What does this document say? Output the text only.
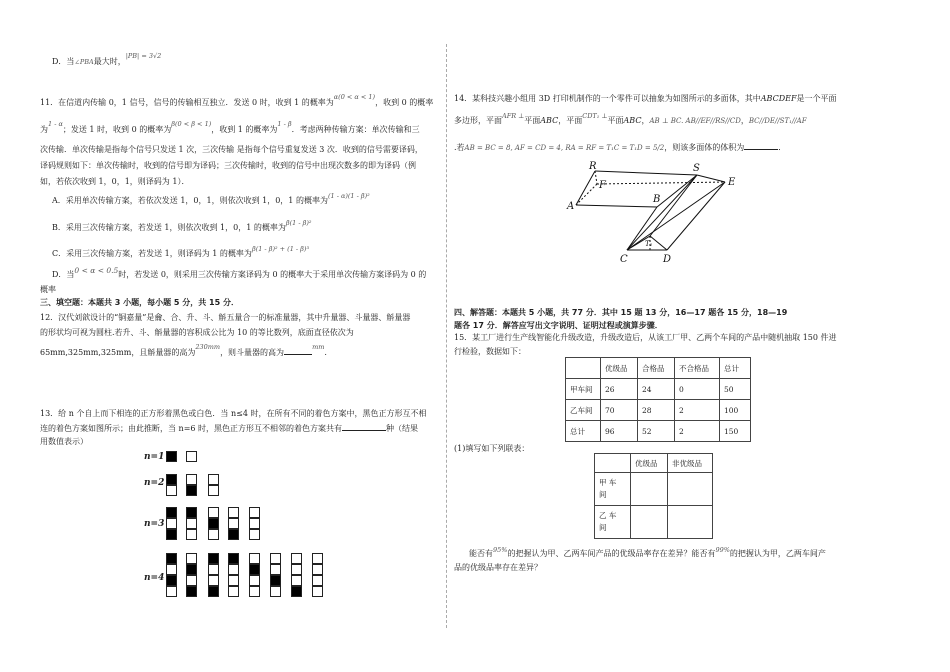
D．当∠PBA最大时，$^{|PB| = 3√2}$
11．在信道内传输 0，1 信号，信号的传输相互独立．发送 0 时，收到 1 的概率为$^{\alpha(0 < \alpha < 1)}$，收到 0 的概率
为$^{1 - \alpha}$；发送 1 时，收到 0 的概率为$^{\beta(0 < \beta < 1)}$，收到 1 的概率为$^{1 - \beta}$．考虑两种传输方案：单次传输和三
次传输．单次传输是指每个信号只发送 1 次，三次传输 是指每个信号重复发送 3 次．收到的信号需要译码，
译码规则如下：单次传输时，收到的信号即为译码；三次传输时，收到的信号中出现次数多的即为译码（例
如，若依次收到 1，0，1，则译码为 1）．
A．采用单次传输方案，若依次发送 1，0，1，则依次收到 1，0，1 的概率为$^{(1 - \alpha)(1 - \beta)^2}$
B．采用三次传输方案，若发送 1，则依次收到 1，0，1 的概率为$^{\beta(1 - \beta)^2}$
C．采用三次传输方案，若发送 1，则译码为 1 的概率为$^{\beta(1 - \beta)^2 + (1 - \beta)^3}$
D．当0 < α < 0.5时，若发送 0，则采用三次传输方案译码为 0 的概率大于采用单次传输方案译码为 0 的
概率
三、填空题：本题共 3 小题，每小题 5 分，共 15 分．
12．汉代刘歆设计的“铜嘉量”是龠、合、升、斗、斛五量合一的标准量器，其中升量器、斗量器、斛量器
的形状均可视为圆柱.若升、斗、斛量器的容积成公比为 10 的等比数列，底面直径依次为
65mm,325mm,325mm，且斛量器的高为$^{230mm}$，则斗量器的高为$^{mm}$.
13．给 n 个自上而下相连的正方形着黑色或白色．当 n≤4 时，在所有不同的着色方案中，黑色正方形互不相
连的着色方案如图所示；由此推断，当 n=6 时，黑色正方形互不相邻的着色方案共有	种（结果
用数值表示）
n=1
n=2
n=3
n=4
14．某科技兴趣小组用 3D 打印机制作的一个零件可以抽象为如图所示的多面体，其中ABCDEF是一个平面
多边形，平面$^{AFR \perp}$平面ABC，平面$^{CDT_1 \perp}$平面ABC，AB ⊥ BC. AB//EF//RS//CD，BC//DE//ST₁//AF
.若AB = BC = 8, AF = CD = 4, RA = RF = T₁C = T₁D = 5/2，则该多面体的体积为	．
R
F
A
B
S
E
C	D
T₁
四、解答题：本题共 5 小题，共 77 分．其中 15 题 13 分，16—17 题各 15 分，18—19
题各 17 分．解答应写出文字说明、证明过程或演算步骤．
15．某工厂进行生产线智能化升级改造，升级改造后，从该工厂甲、乙两个车间的产品中随机抽取 150 件进
行检验，数据如下：
	优级品	合格品	不合格品	总计
甲车间	26	24	0	50
乙车间	70	28	2	100
总计	96	52	2	150
(1)填写如下列联表：
	优级品	非优级品
甲 车
间		
乙 车
间		
能否有$^{95\%}$的把握认为甲、乙两车间产品的优级品率存在差异？能否有$^{99\%}$的把握认为甲，乙两车间产
品的优级品率存在差异？
